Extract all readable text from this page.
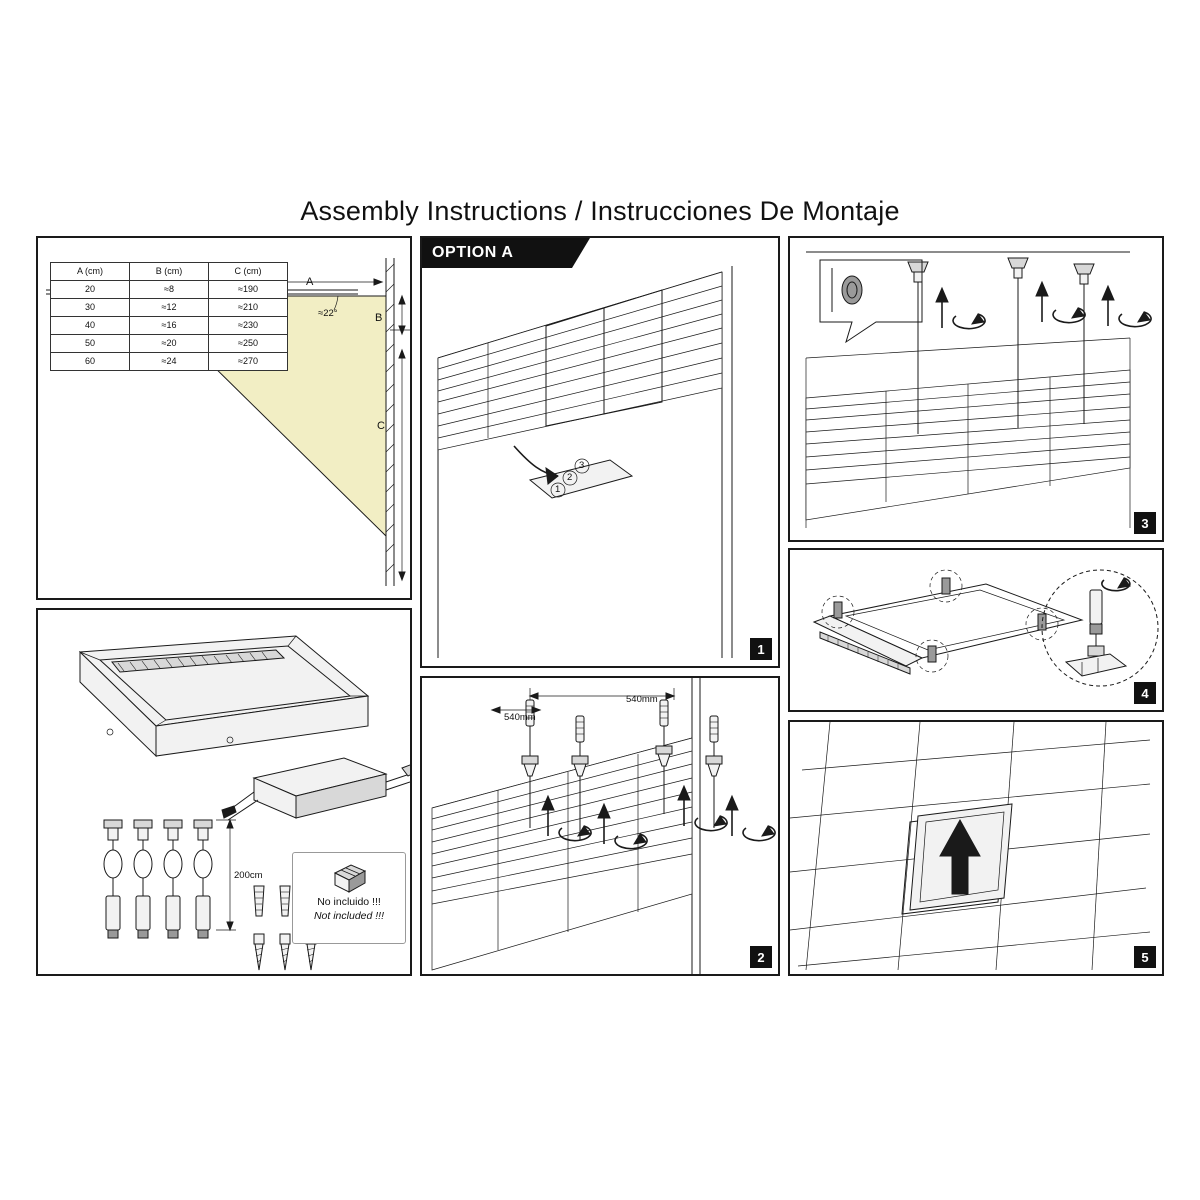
Assembly Instructions / Instrucciones De Montaje
A
B
C
≈22°
A (cm)	B (cm)	C (cm)
20	≈8	≈190
30	≈12	≈210
40	≈16	≈230
50	≈20	≈250
60	≈24	≈270
200cm
No incluido !!!
Not included !!!
OPTION A
3
2
1
1
540mm
540mm
2
3
4
5
